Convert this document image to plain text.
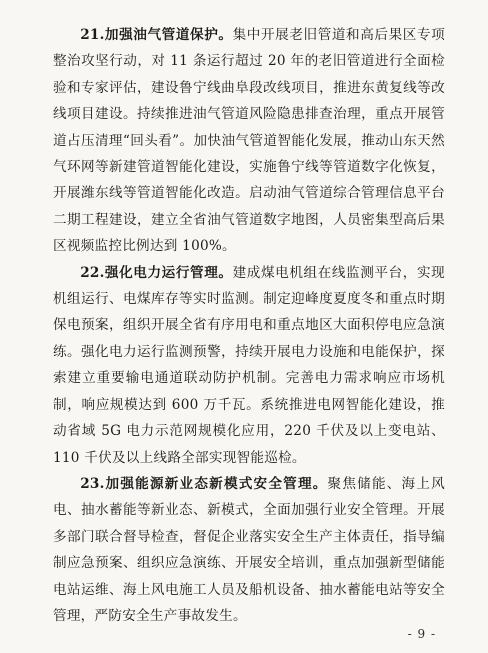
21.加强油气管道保护。集中开展老旧管道和高后果区专项整治攻坚行动，对 11 条运行超过 20 年的老旧管道进行全面检验和专家评估，建设鲁宁线曲阜段改线项目，推进东黄复线等改线项目建设。持续推进油气管道风险隐患排查治理，重点开展管道占压清理“回头看”。加快油气管道智能化发展，推动山东天然气环网等新建管道智能化建设，实施鲁宁线等管道数字化恢复，开展潍东线等管道智能化改造。启动油气管道综合管理信息平台二期工程建设，建立全省油气管道数字地图，人员密集型高后果区视频监控比例达到 100%。

22.强化电力运行管理。建成煤电机组在线监测平台，实现机组运行、电煤库存等实时监测。制定迎峰度夏度冬和重点时期保电预案，组织开展全省有序用电和重点地区大面积停电应急演练。强化电力运行监测预警，持续开展电力设施和电能保护，探索建立重要输电通道联动防护机制。完善电力需求响应市场机制，响应规模达到 600 万千瓦。系统推进电网智能化建设，推动省域 5G 电力示范网规模化应用，220 千伏及以上变电站、110 千伏及以上线路全部实现智能巡检。

23.加强能源新业态新模式安全管理。聚焦储能、海上风电、抽水蓄能等新业态、新模式，全面加强行业安全管理。开展多部门联合督导检查，督促企业落实安全生产主体责任，指导编制应急预案、组织应急演练、开展安全培训，重点加强新型储能电站运维、海上风电施工人员及船机设备、抽水蓄能电站等安全管理，严防安全生产事故发生。

- 9 -
